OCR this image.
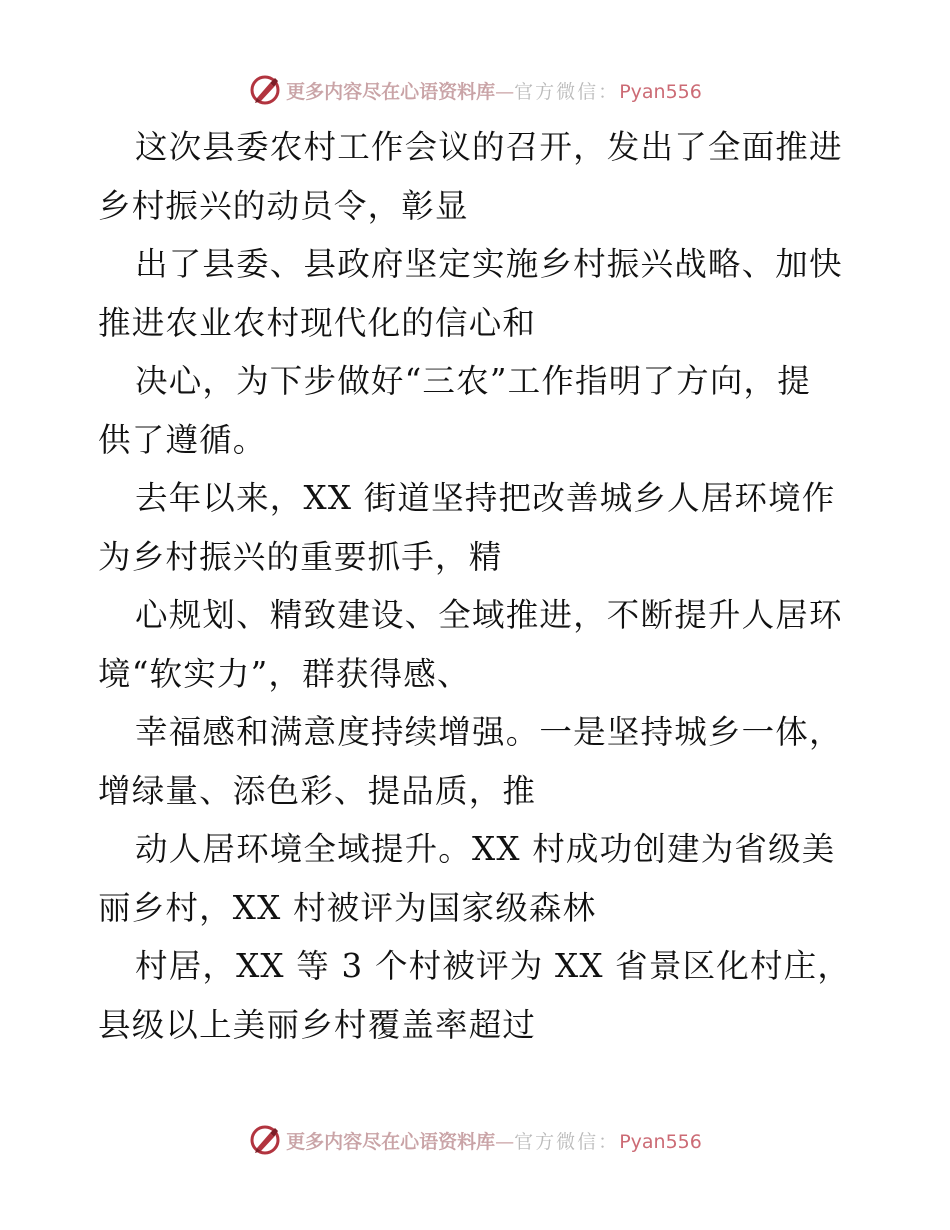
更多内容尽在心语资料库—官方微信：Pyan556
这次县委农村工作会议的召开，发出了全面推进
乡村振兴的动员令，彰显
出了县委、县政府坚定实施乡村振兴战略、加快
推进农业农村现代化的信心和
决心，为下步做好“三农”工作指明了方向，提
供了遵循。
去年以来，XX 街道坚持把改善城乡人居环境作
为乡村振兴的重要抓手，精
心规划、精致建设、全域推进，不断提升人居环
境“软实力”，群获得感、
幸福感和满意度持续增强。一是坚持城乡一体，
增绿量、添色彩、提品质，推
动人居环境全域提升。XX 村成功创建为省级美
丽乡村，XX 村被评为国家级森林
村居，XX 等 3 个村被评为 XX 省景区化村庄，
县级以上美丽乡村覆盖率超过
更多内容尽在心语资料库—官方微信：Pyan556
